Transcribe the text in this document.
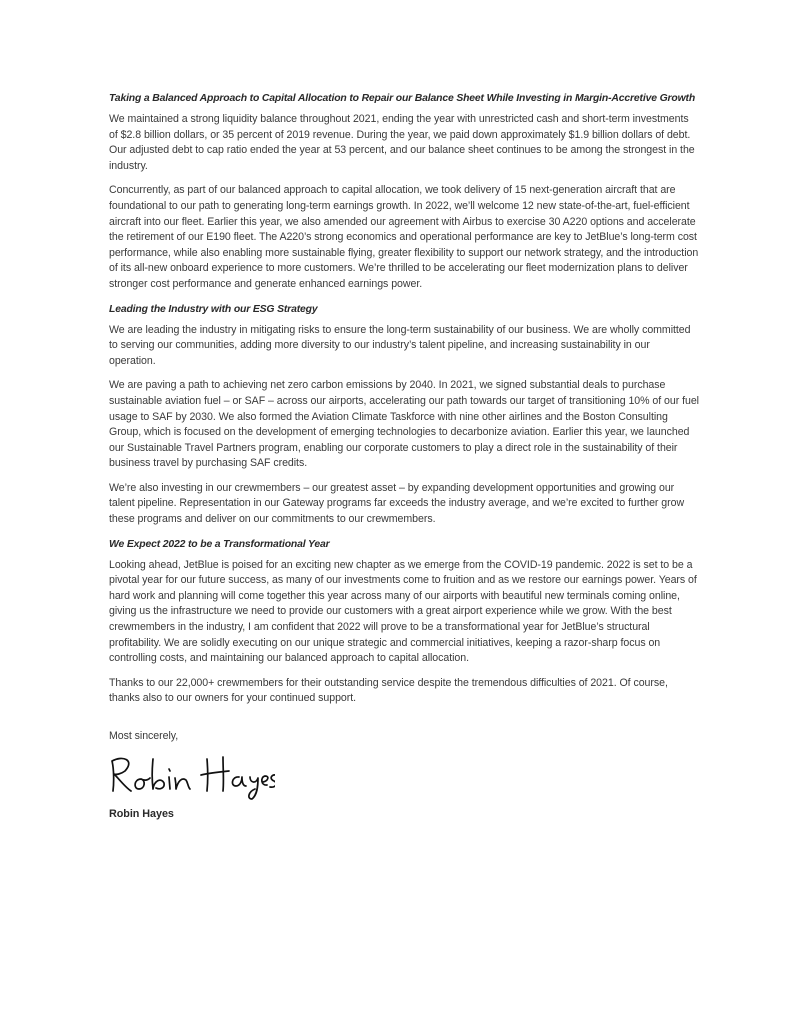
Taking a Balanced Approach to Capital Allocation to Repair our Balance Sheet While Investing in Margin-Accretive Growth

We maintained a strong liquidity balance throughout 2021, ending the year with unrestricted cash and short-term investments of $2.8 billion dollars, or 35 percent of 2019 revenue. During the year, we paid down approximately $1.9 billion dollars of debt. Our adjusted debt to cap ratio ended the year at 53 percent, and our balance sheet continues to be among the strongest in the industry.

Concurrently, as part of our balanced approach to capital allocation, we took delivery of 15 next-generation aircraft that are foundational to our path to generating long-term earnings growth. In 2022, we’ll welcome 12 new state-of-the-art, fuel-efficient aircraft into our fleet. Earlier this year, we also amended our agreement with Airbus to exercise 30 A220 options and accelerate the retirement of our E190 fleet. The A220’s strong economics and operational performance are key to JetBlue’s long-term cost performance, while also enabling more sustainable flying, greater flexibility to support our network strategy, and the introduction of its all-new onboard experience to more customers. We’re thrilled to be accelerating our fleet modernization plans to deliver stronger cost performance and generate enhanced earnings power.

Leading the Industry with our ESG Strategy

We are leading the industry in mitigating risks to ensure the long-term sustainability of our business. We are wholly committed to serving our communities, adding more diversity to our industry’s talent pipeline, and increasing sustainability in our operation.

We are paving a path to achieving net zero carbon emissions by 2040. In 2021, we signed substantial deals to purchase sustainable aviation fuel – or SAF – across our airports, accelerating our path towards our target of transitioning 10% of our fuel usage to SAF by 2030. We also formed the Aviation Climate Taskforce with nine other airlines and the Boston Consulting Group, which is focused on the development of emerging technologies to decarbonize aviation. Earlier this year, we launched our Sustainable Travel Partners program, enabling our corporate customers to play a direct role in the sustainability of their business travel by purchasing SAF credits.

We’re also investing in our crewmembers – our greatest asset – by expanding development opportunities and growing our talent pipeline. Representation in our Gateway programs far exceeds the industry average, and we’re excited to further grow these programs and deliver on our commitments to our crewmembers.

We Expect 2022 to be a Transformational Year

Looking ahead, JetBlue is poised for an exciting new chapter as we emerge from the COVID-19 pandemic. 2022 is set to be a pivotal year for our future success, as many of our investments come to fruition and as we restore our earnings power. Years of hard work and planning will come together this year across many of our airports with beautiful new terminals coming online, giving us the infrastructure we need to provide our customers with a great airport experience while we grow. With the best crewmembers in the industry, I am confident that 2022 will prove to be a transformational year for JetBlue’s structural profitability. We are solidly executing on our unique strategic and commercial initiatives, keeping a razor-sharp focus on controlling costs, and maintaining our balanced approach to capital allocation.

Thanks to our 22,000+ crewmembers for their outstanding service despite the tremendous difficulties of 2021. Of course, thanks also to our owners for your continued support.

Most sincerely,

Robin Hayes
